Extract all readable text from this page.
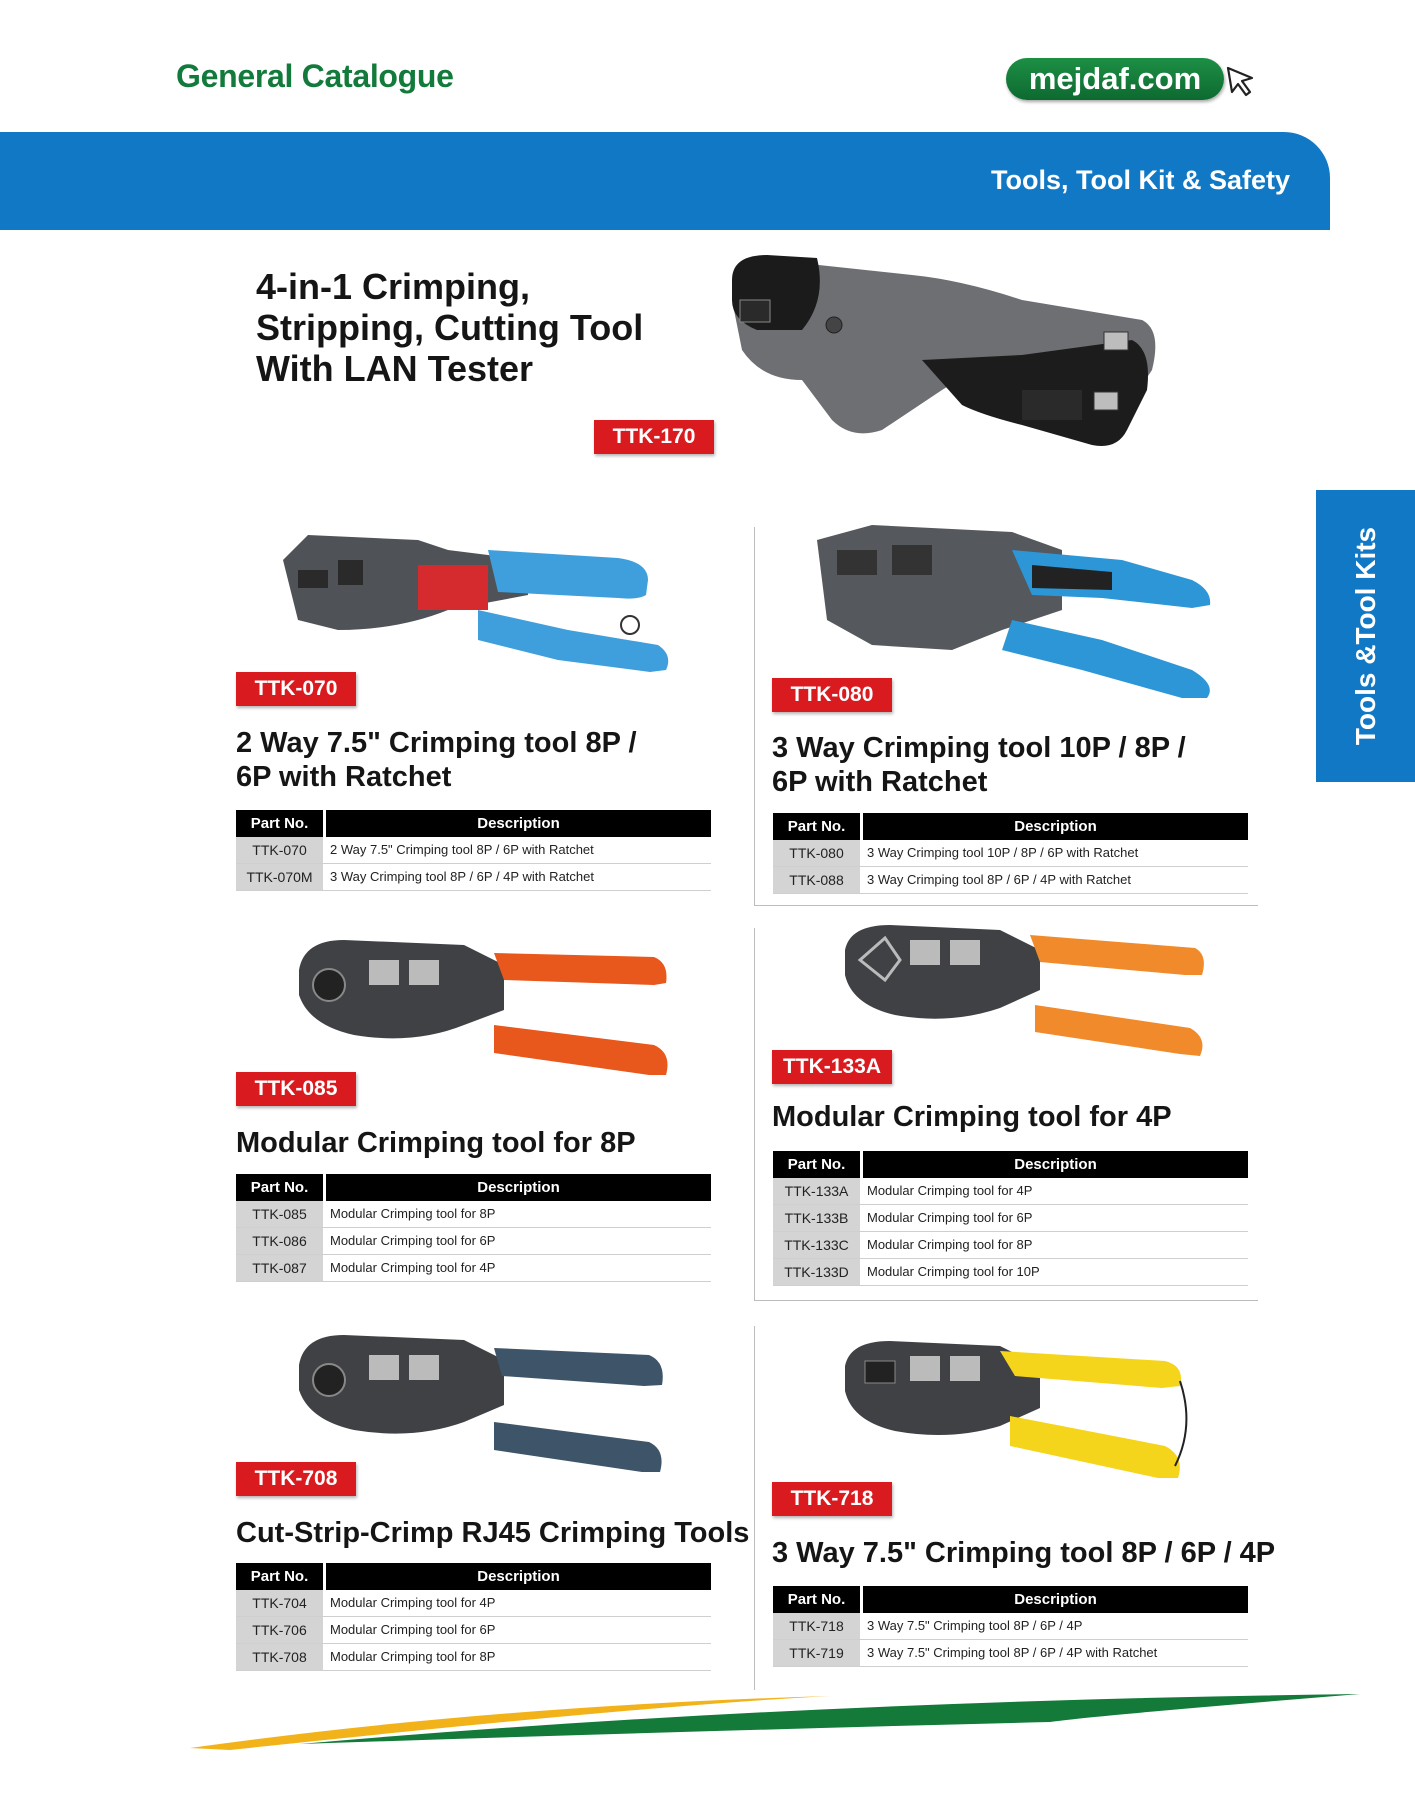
General Catalogue	mejdaf.com
Tools, Tool Kit & Safety
Tools &Tool Kits
4-in-1 Crimping,
Stripping, Cutting Tool
With LAN Tester
TTK-170
TTK-070
2 Way 7.5" Crimping tool 8P /
6P with Ratchet
Part No.	Description
TTK-070	2 Way 7.5" Crimping tool 8P / 6P with Ratchet
TTK-070M	3 Way Crimping tool 8P / 6P / 4P with Ratchet
TTK-080
3 Way Crimping tool 10P / 8P /
6P with Ratchet
Part No.	Description
TTK-080	3 Way Crimping tool 10P / 8P / 6P with Ratchet
TTK-088	3 Way Crimping tool 8P / 6P / 4P with Ratchet
TTK-085
Modular Crimping tool for 8P
Part No.	Description
TTK-085	Modular Crimping tool for 8P
TTK-086	Modular Crimping tool for 6P
TTK-087	Modular Crimping tool for 4P
TTK-133A
Modular Crimping tool for 4P
Part No.	Description
TTK-133A	Modular Crimping tool for 4P
TTK-133B	Modular Crimping tool for 6P
TTK-133C	Modular Crimping tool for 8P
TTK-133D	Modular Crimping tool for 10P
TTK-708
Cut-Strip-Crimp RJ45 Crimping Tools
Part No.	Description
TTK-704	Modular Crimping tool for 4P
TTK-706	Modular Crimping tool for 6P
TTK-708	Modular Crimping tool for 8P
TTK-718
3 Way 7.5" Crimping tool 8P / 6P / 4P
Part No.	Description
TTK-718	3 Way 7.5" Crimping tool 8P / 6P / 4P
TTK-719	3 Way 7.5" Crimping tool 8P / 6P / 4P with Ratchet
